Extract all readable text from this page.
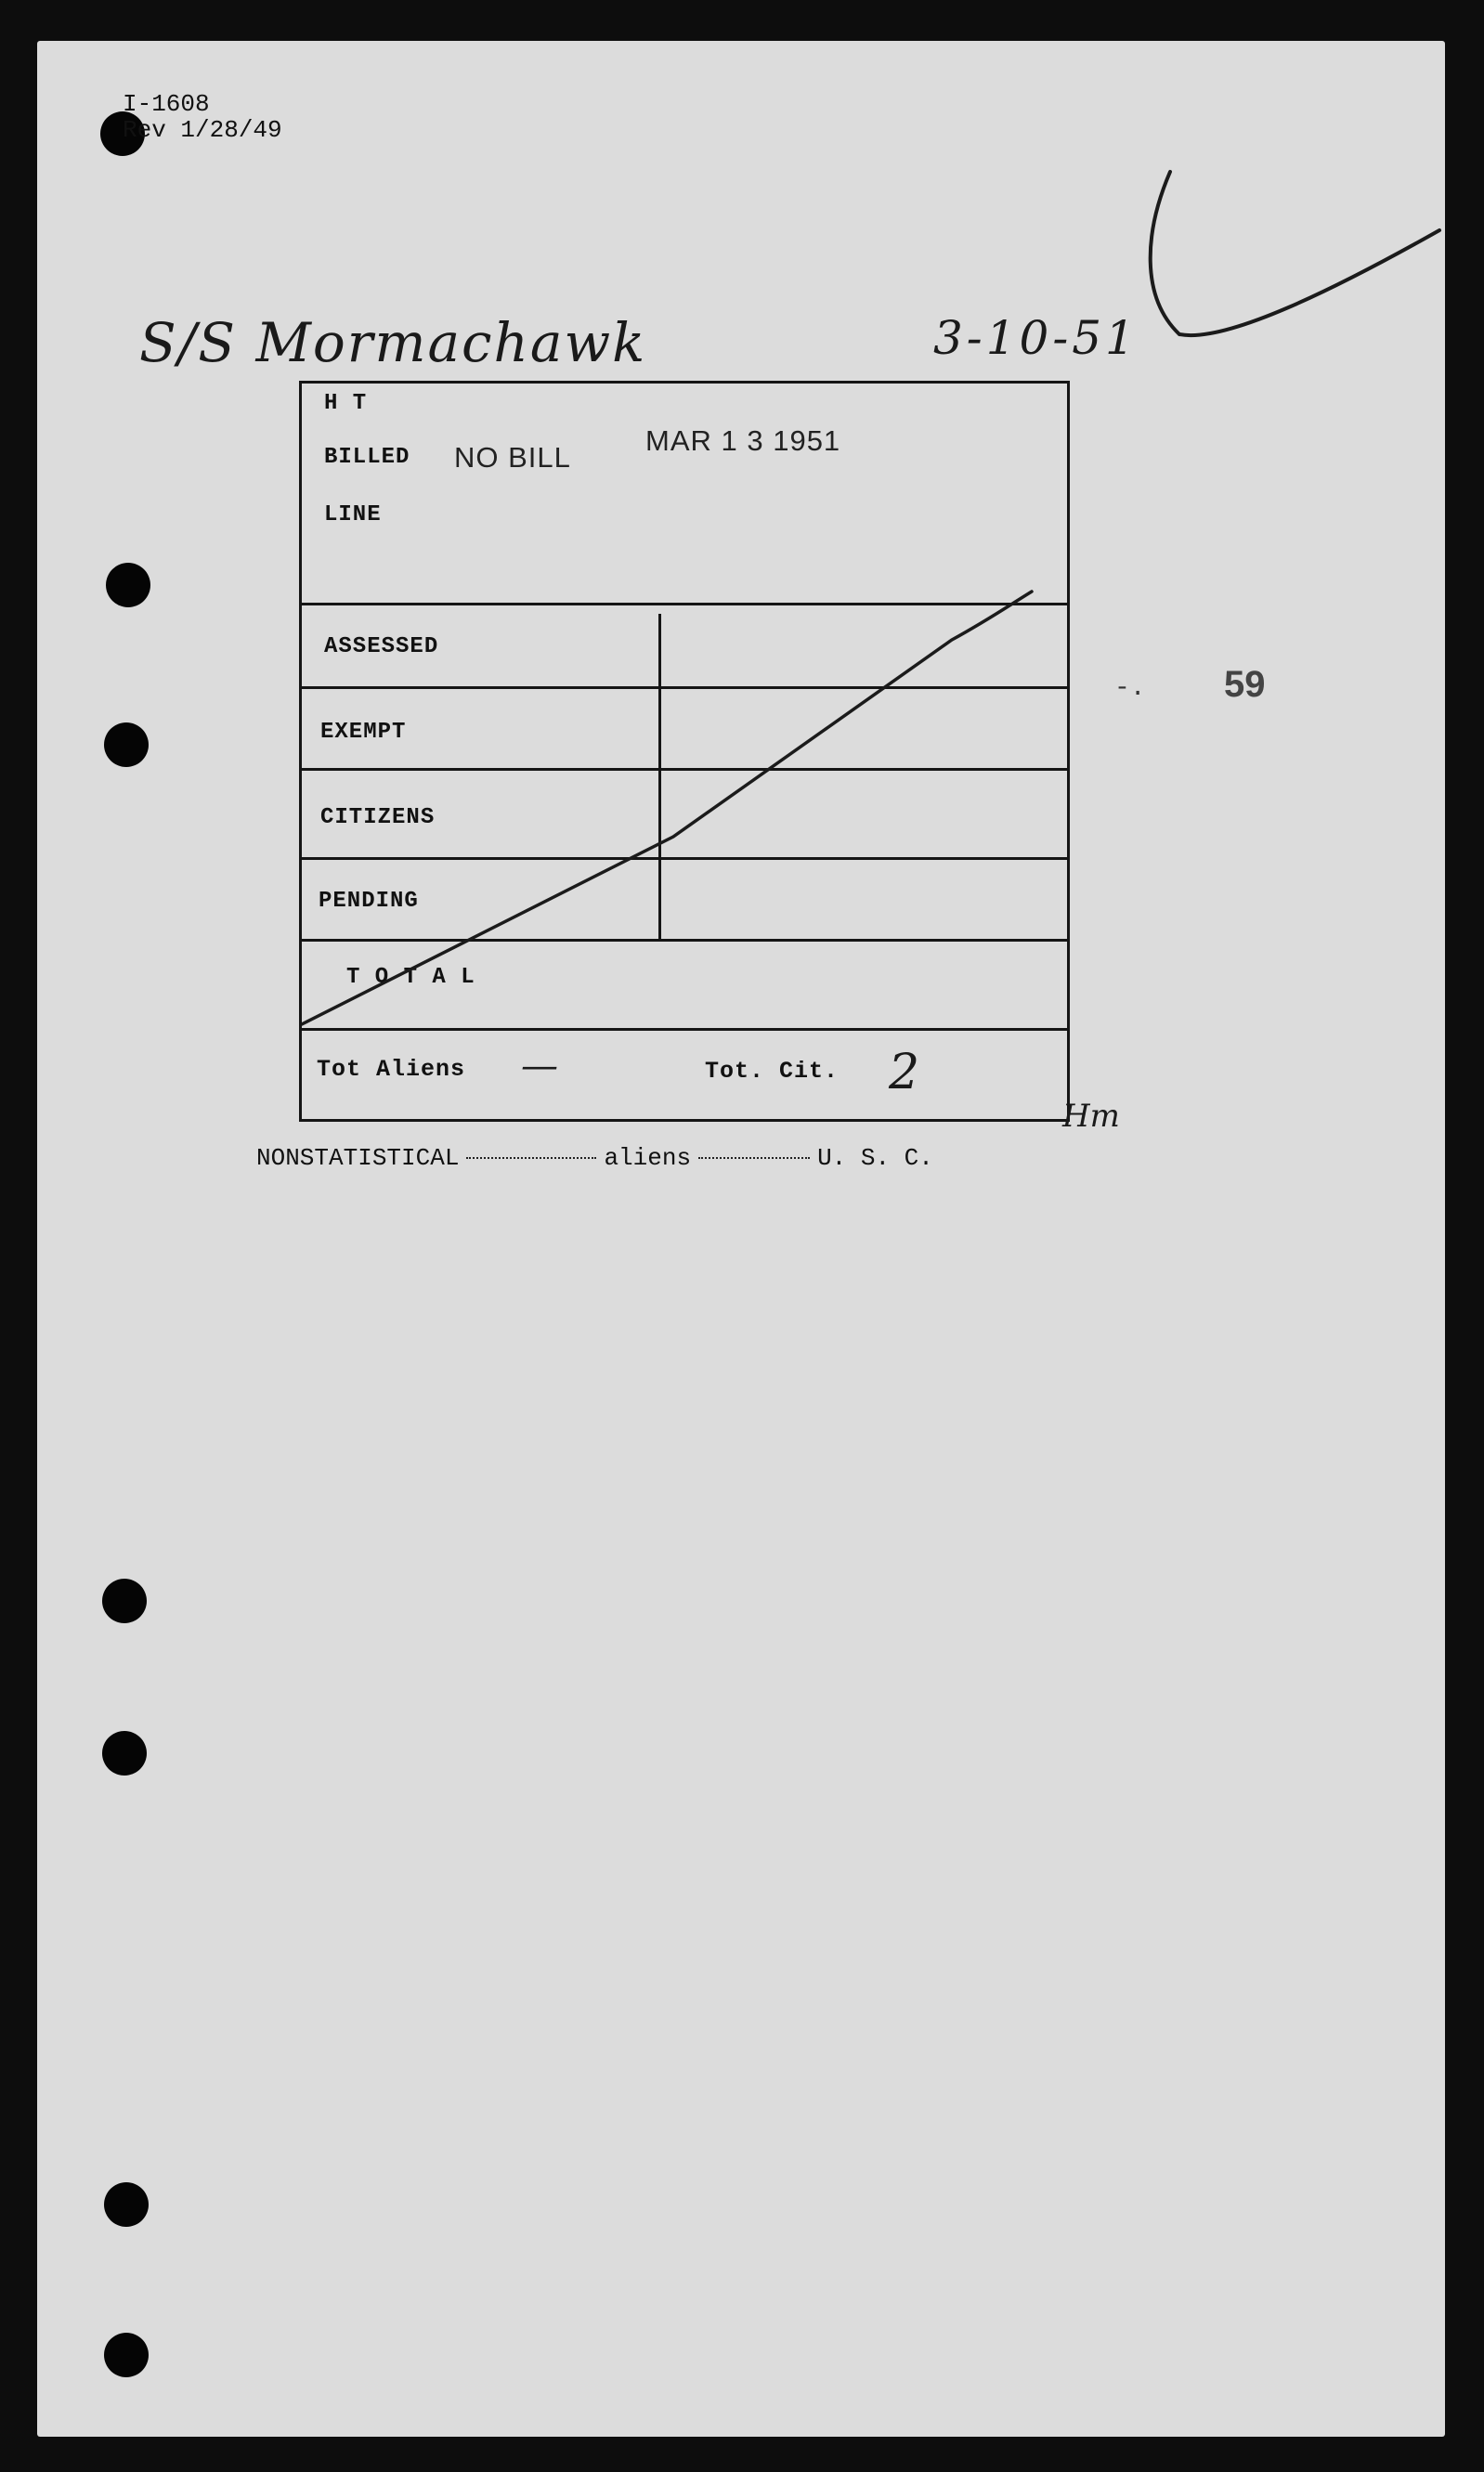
I-1608
Rev 1/28/49
S/S Mormachawk	3-10-51
H T
BILLED NO BILL
MAR 1 3 1951
LINE
ASSESSED
EXEMPT
CITIZENS
PENDING
T O T A L
Tot Aliens —	Tot. Cit. 2
Hm
-. 59
NONSTATISTICAL	aliens	U. S. C.
